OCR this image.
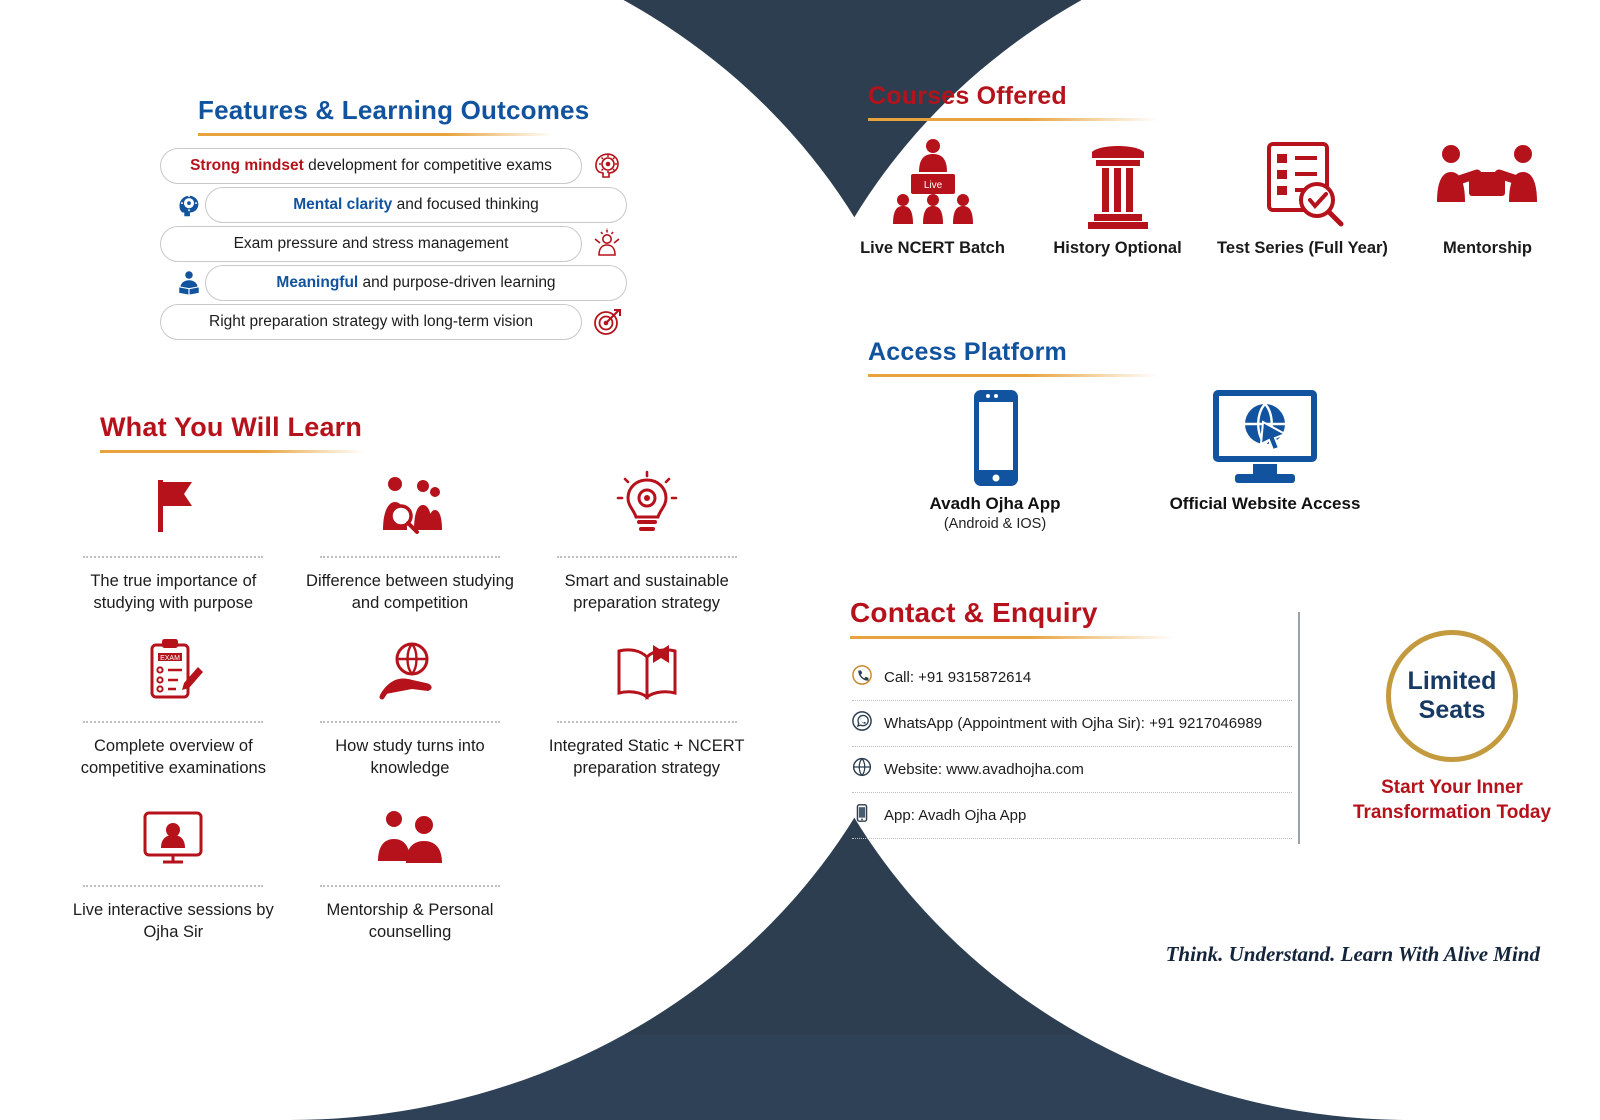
Features & Learning Outcomes
Strong mindset development for competitive exams
Mental clarity and focused thinking
Exam pressure and stress management
!!
Meaningful and purpose-driven learning
Right preparation strategy with long-term vision
What You Will Learn
The true importance of studying with purpose
Difference between studying and competition
Smart and sustainable preparation strategy
EXAM
Complete overview of competitive examinations
How study turns into knowledge
Integrated Static + NCERT preparation strategy
Live interactive sessions by Ojha Sir
Mentorship & Personal counselling
Courses Offered
Live
Live NCERT Batch	History Optional	Test Series (Full Year)	Mentorship
Access Platform
Avadh Ojha App
(Android & IOS)
Official Website Access
Contact & Enquiry
Call: +91 9315872614
WhatsApp (Appointment with Ojha Sir): +91 9217046989
Website: www.avadhojha.com
App: Avadh Ojha App
Limited
Seats
Start Your Inner Transformation Today
Think. Understand. Learn With Alive Mind
